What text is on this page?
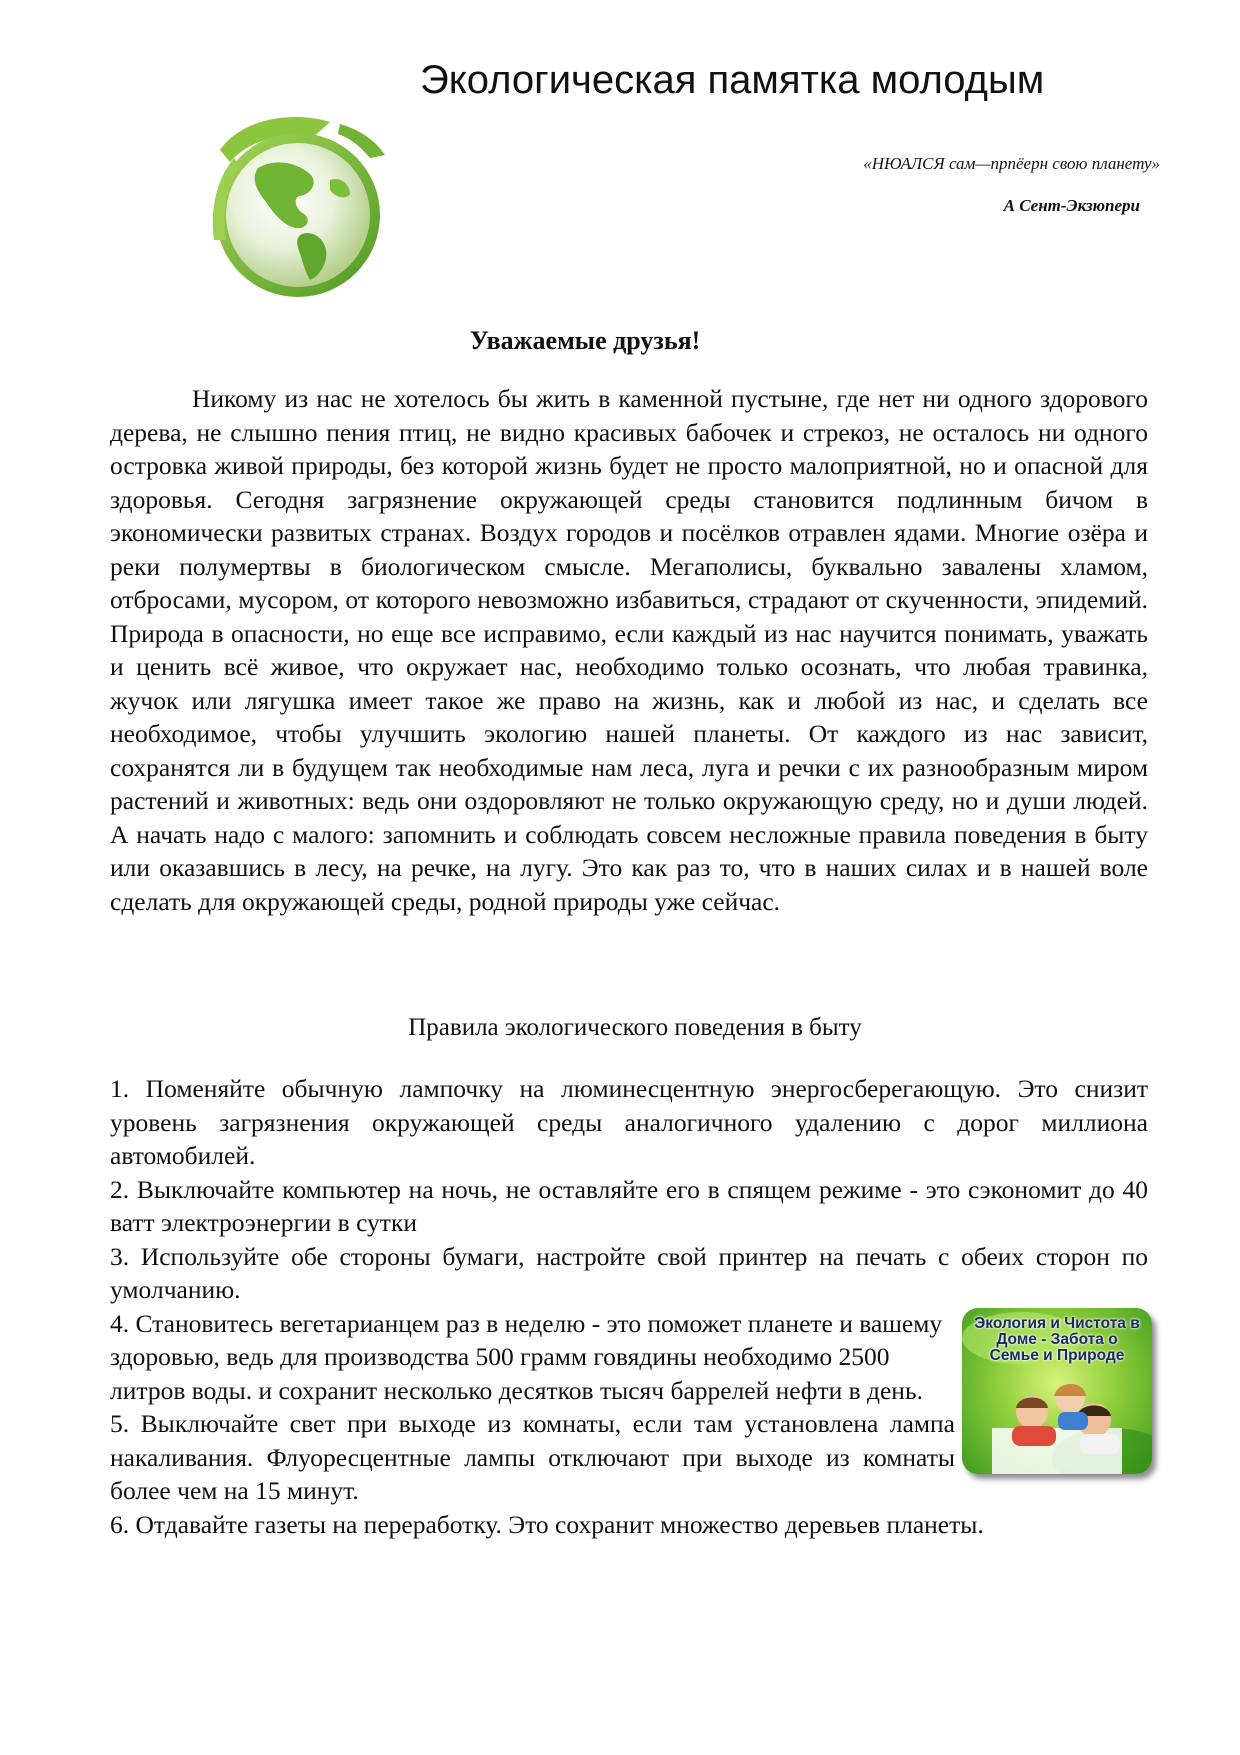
Экологическая памятка молодым
«НЮАЛСЯ сам—прпёерн свою планету»
А Сент-Экзюпери
Уважаемые друзья!

Никому из нас не хотелось бы жить в каменной пустыне, где нет ни одного здорового дерева, не слышно пения птиц, не видно красивых бабочек и стрекоз, не осталось ни одного островка живой природы, без которой жизнь будет не просто малоприятной, но и опасной для здоровья. Сегодня загрязнение окружающей среды становится подлинным бичом в экономически развитых странах. Воздух городов и посёлков отравлен ядами. Многие озёра и реки полумертвы в биологическом смысле. Мегаполисы, буквально завалены хламом, отбросами, мусором, от которого невозможно избавиться, страдают от скученности, эпидемий. Природа в опасности, но еще все исправимо, если каждый из нас научится понимать, уважать и ценить всё живое, что окружает нас, необходимо только осознать, что любая травинка, жучок или лягушка имеет такое же право на жизнь, как и любой из нас, и сделать все необходимое, чтобы улучшить экологию нашей планеты. От каждого из нас зависит, сохранятся ли в будущем так необходимые нам леса, луга и речки с их разнообразным миром растений и животных: ведь они оздоровляют не только окружающую среду, но и души людей. А начать надо с малого: запомнить и соблюдать совсем несложные правила поведения в быту или оказавшись в лесу, на речке, на лугу. Это как раз то, что в наших силах и в нашей воле сделать для окружающей среды, родной природы уже сейчас.

Правила экологического поведения в быту

1. Поменяйте обычную лампочку на люминесцентную энергосберегающую. Это снизит уровень загрязнения окружающей среды аналогичного удалению с дорог миллиона автомобилей.

2. Выключайте компьютер на ночь, не оставляйте его в спящем режиме - это сэкономит до 40 ватт электроэнергии в сутки

3. Используйте обе стороны бумаги, настройте свой принтер на печать с обеих сторон по умолчанию.

4. Становитесь вегетарианцем раз в неделю - это поможет планете и вашему здоровью, ведь для производства 500 грамм говядины необходимо 2500 литров воды. и сохранит несколько десятков тысяч баррелей нефти в день.

5. Выключайте свет при выходе из комнаты, если там установлена лампа накаливания. Флуоресцентные лампы отключают при выходе из комнаты более чем на 15 минут.

6. Отдавайте газеты на переработку. Это сохранит множество деревьев планеты.

Экология и Чистота в Доме - Забота о Семье и Природе
